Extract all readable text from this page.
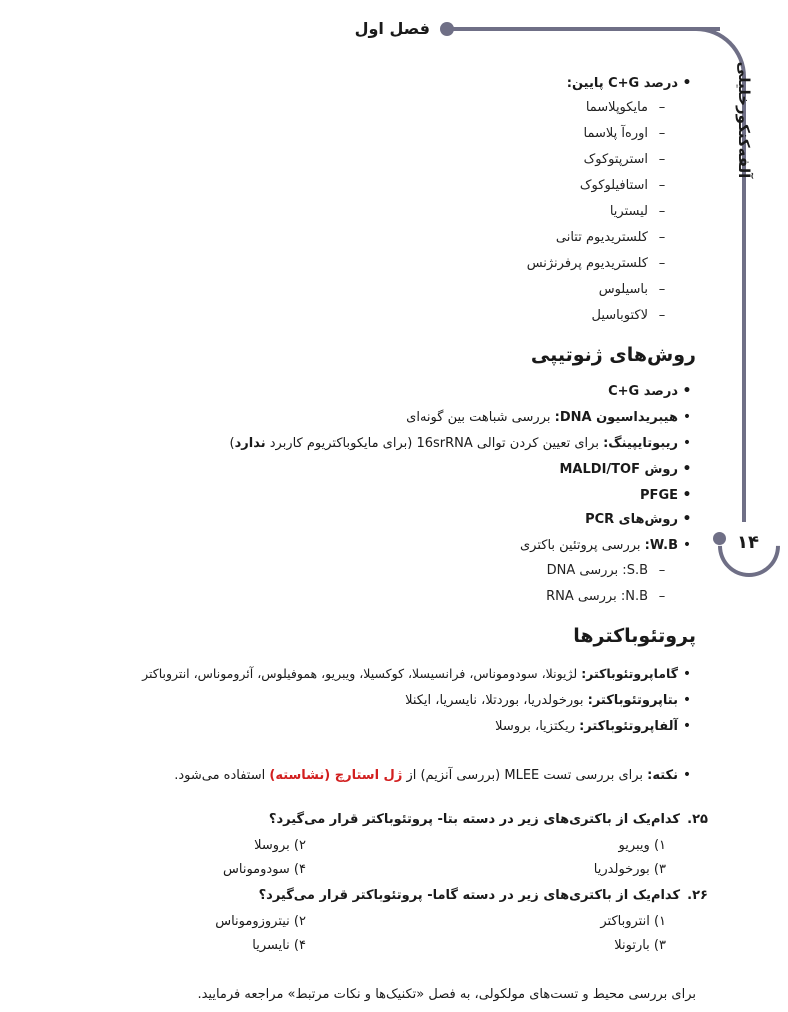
فصل اول
آلفه‌کنکورخلیلی
۱۴
• درصد C+G پایین:
– مایکوپلاسما
– اوره‌آ پلاسما
– استرپتوکوک
– استافیلوکوک
– لیستریا
– کلستریدیوم تتانی
– کلستریدیوم پرفرنژنس
– باسیلوس
– لاکتوباسیل
روش‌های ژنوتیپی
• درصد C+G
• هیبریداسیون DNA: بررسی شباهت بین گونه‌ای
• ریبوتایپینگ: برای تعیین کردن توالی 16srRNA (برای مایکوباکتریوم کاربرد ندارد)
• روش MALDI/TOF
• PFGE
• روش‌های PCR
• W.B: بررسی پروتئین باکتری
– S.B: بررسی DNA
– N.B: بررسی RNA
پروتئوباکترها
• گاماپروتئوباکتر: لژیونلا، سودوموناس، فرانسیسلا، کوکسیلا، ویبریو، هموفیلوس، آئروموناس، انتروباکتر
• بتاپروتئوباکتر: بورخولدریا، بوردتلا، نایسریا، ایکنلا
• آلفاپروتئوباکتر: ریکتزیا، بروسلا
• نکته: برای بررسی تست MLEE (بررسی آنزیم) از ژل استارچ (نشاسته) استفاده می‌شود.
۲۵.کدام‌یک از باکتری‌های زیر در دسته بتا- پروتئوباکتر قرار می‌گیرد؟
۱) ویبریو
۲) بروسلا
۳) بورخولدریا
۴) سودوموناس
۲۶.کدام‌یک از باکتری‌های زیر در دسته گاما- پروتئوباکتر قرار می‌گیرد؟
۱) انتروباکتر
۲) نیتروزوموناس
۳) بارتونلا
۴) نایسریا
برای بررسی محیط و تست‌های مولکولی، به فصل «تکنیک‌ها و نکات مرتبط» مراجعه فرمایید.
